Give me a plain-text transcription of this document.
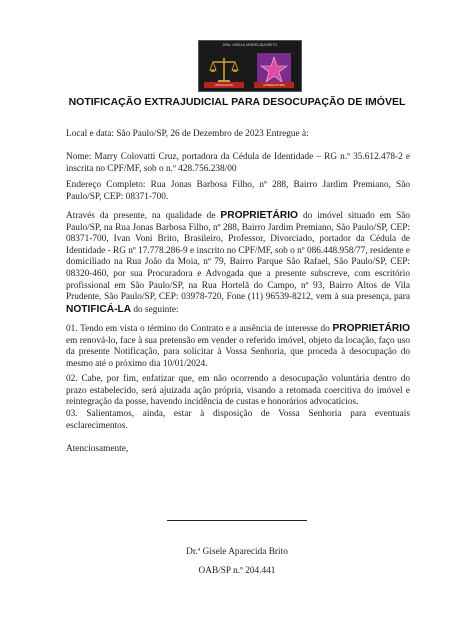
DRA. GISELE APARECIDA BRITO
ADVOCACIA	CONSULTORIA
NOTIFICAÇÃO EXTRAJUDICIAL PARA DESOCUPAÇÃO DE IMÓVEL
Local e data: São Paulo/SP, 26 de Dezembro de 2023 Entregue à:
Nome: Marry Colovatti Cruz, portadora da Cédula de Identidade – RG n.º 35.612.478-2 e inscrita no CPF/MF, sob o n.º 428.756.238/00
Endereço Completo: Rua Jonas Barbosa Filho, nº 288, Bairro Jardim Premiano, São Paulo/SP, CEP: 08371-700.
Através da presente, na qualidade de PROPRIETÁRIO do imóvel situado em São Paulo/SP, na Rua Jonas Barbosa Filho, nº 288, Bairro Jardim Premiano, São Paulo/SP, CEP: 08371-700, Ivan Voni Brito, Brasileiro, Professor, Divorciado, portador da Cédula de Identidade - RG nº 17.778.286-9 e inscrito no CPF/MF, sob o nº 086.448.958/77, residente e domiciliado na Rua João da Moia, nº 79, Bairro Parque São Rafael, São Paulo/SP, CEP: 08320-460, por sua Procuradora e Advogada que a presente subscreve, com escritório profissional em São Paulo/SP, na Rua Hortelã do Campo, nº 93, Bairro Altos de Vila Prudente, São Paulo/SP, CEP: 03978-720, Fone (11) 96539-8212, vem à sua presença, para NOTIFICÁ-LA do seguinte:
01. Tendo em vista o término do Contrato e a ausência de interesse do PROPRIETÁRIO em renová-lo, face à sua pretensão em vender o referido imóvel, objeto da locação, faço uso da presente Notificação, para solicitar à Vossa Senhoria, que proceda à desocupação do mesmo até o próximo dia 10/01/2024.
02. Cabe, por fim, enfatizar que, em não ocorrendo a desocupação voluntária dentro do prazo estabelecido, será ajuizada ação própria, visando a retomada coercitiva do imóvel e reintegração da posse, havendo incidência de custas e honorários advocatícios.
03. Salientamos, ainda, estar à disposição de Vossa Senhoria para eventuais esclarecimentos.
Atenciosamente,
Dr.ª Gisele Aparecida Brito
OAB/SP n.º 204.441
